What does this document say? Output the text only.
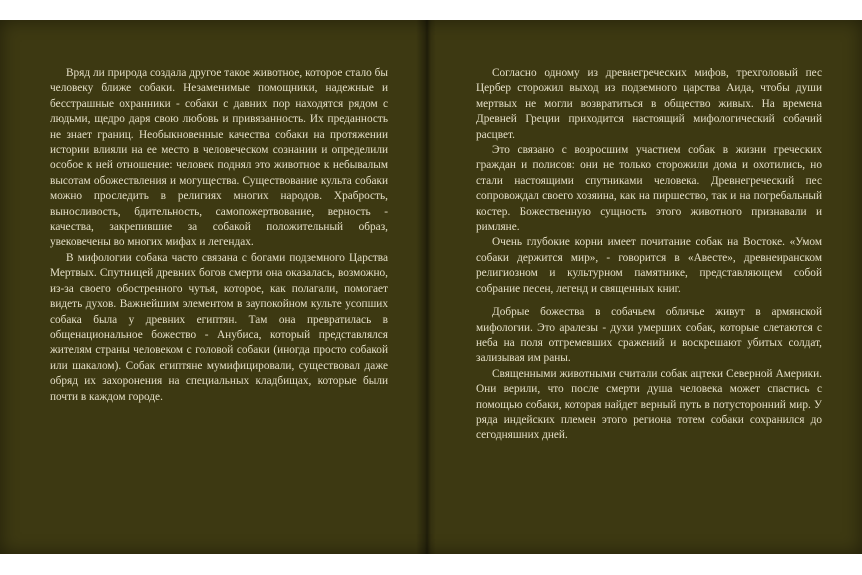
Вряд ли природа создала другое такое животное, которое стало бы человеку ближе собаки. Незаменимые помощники, надежные и бесстрашные охранники - собаки с давних пор находятся рядом с людьми, щедро даря свою любовь и привязанность. Их преданность не знает границ. Необыкновенные качества собаки на протяжении истории влияли на ее место в человеческом сознании и определили особое к ней отношение: человек поднял это животное к небывалым высотам обожествления и могущества. Существование культа собаки можно проследить в религиях многих народов. Храбрость, выносливость, бдительность, самопожертвование, верность - качества, закрепившие за собакой положительный образ, увековечены во многих мифах и легендах.

В мифологии собака часто связана с богами подземного Царства Мертвых. Спутницей древних богов смерти она оказалась, возможно, из-за своего обостренного чутья, которое, как полагали, помогает видеть духов. Важнейшим элементом в заупокойном культе усопших собака была у древних египтян. Там она превратилась в общенациональное божество - Анубиса, который представлялся жителям страны человеком с головой собаки (иногда просто собакой или шакалом). Собак египтяне мумифицировали, существовал даже обряд их захоронения на специальных кладбищах, которые были почти в каждом городе.

Согласно одному из древнегреческих мифов, трехголовый пес Цербер сторожил выход из подземного царства Аида, чтобы души мертвых не могли возвратиться в общество живых. На времена Древней Греции приходится настоящий мифологический собачий расцвет.

Это связано с возросшим участием собак в жизни греческих граждан и полисов: они не только сторожили дома и охотились, но стали настоящими спутниками человека. Древнегреческий пес сопровождал своего хозяина, как на пиршество, так и на погребальный костер. Божественную сущность этого животного признавали и римляне.

Очень глубокие корни имеет почитание собак на Востоке. «Умом собаки держится мир», - говорится в «Авесте», древнеиранском религиозном и культурном памятнике, представляющем собой собрание песен, легенд и священных книг.

Добрые божества в собачьем обличье живут в армянской мифологии. Это аралезы - духи умерших собак, которые слетаются с неба на поля отгремевших сражений и воскрешают убитых солдат, зализывая им раны.

Священными животными считали собак ацтеки Северной Америки. Они верили, что после смерти душа человека может спастись с помощью собаки, которая найдет верный путь в потусторонний мир. У ряда индейских племен этого региона тотем собаки сохранился до сегодняшних дней.
